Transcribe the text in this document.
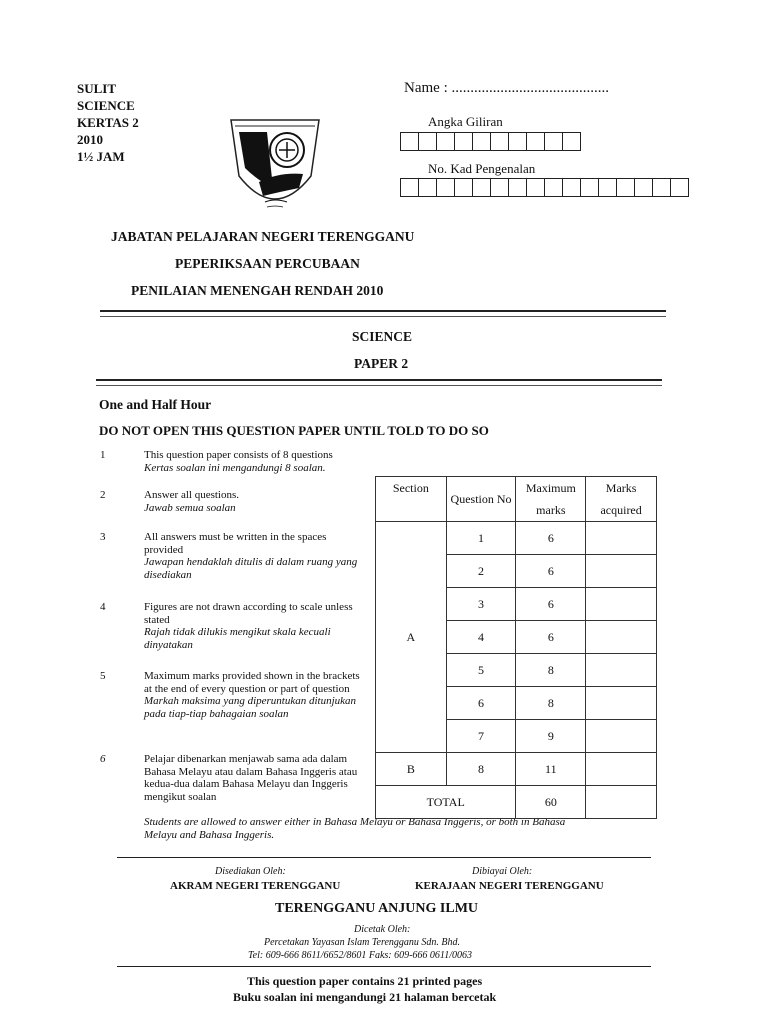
SULIT
SCIENCE
KERTAS 2
2010
1½ JAM
Name : ..........................................
Angka Giliran
No. Kad Pengenalan
JABATAN PELAJARAN NEGERI TERENGGANU
PEPERIKSAAN PERCUBAAN
PENILAIAN MENENGAH RENDAH 2010
SCIENCE
PAPER 2
One and Half Hour
DO NOT OPEN THIS QUESTION PAPER UNTIL TOLD TO DO SO
1	This question paper consists of 8 questions
Kertas soalan ini mengandungi 8 soalan.
2	Answer all questions.
Jawab semua soalan
3	All answers must be written in the spaces provided
Jawapan hendaklah ditulis di dalam ruang yang disediakan
4	Figures are not drawn according to scale unless stated
Rajah tidak dilukis mengikut skala kecuali dinyatakan
5	Maximum marks provided shown in the brackets at the end of every question or part of question
Markah maksima yang diperuntukan ditunjukan pada tiap-tiap bahagaian soalan
6	Pelajar dibenarkan menjawab sama ada dalam Bahasa Melayu atau dalam Bahasa Inggeris atau kedua-dua dalam Bahasa Melayu dan Inggeris mengikut soalan
Students are allowed to answer either in Bahasa Melayu or Bahasa Inggeris, or both in Bahasa Melayu and Bahasa Inggeris.
Section	Question No	Maximum marks	Marks acquired
A	1	6	
	2	6	
	3	6	
	4	6	
	5	8	
	6	8	
	7	9	
B	8	11	
TOTAL		60	
Disediakan Oleh:
AKRAM NEGERI TERENGGANU
Dibiayai Oleh:
KERAJAAN NEGERI TERENGGANU
TERENGGANU ANJUNG ILMU
Dicetak Oleh:
Percetakan Yayasan Islam Terengganu Sdn. Bhd.
Tel: 609-666 8611/6652/8601 Faks: 609-666 0611/0063
This question paper contains 21 printed pages
Buku soalan ini mengandungi 21 halaman bercetak
